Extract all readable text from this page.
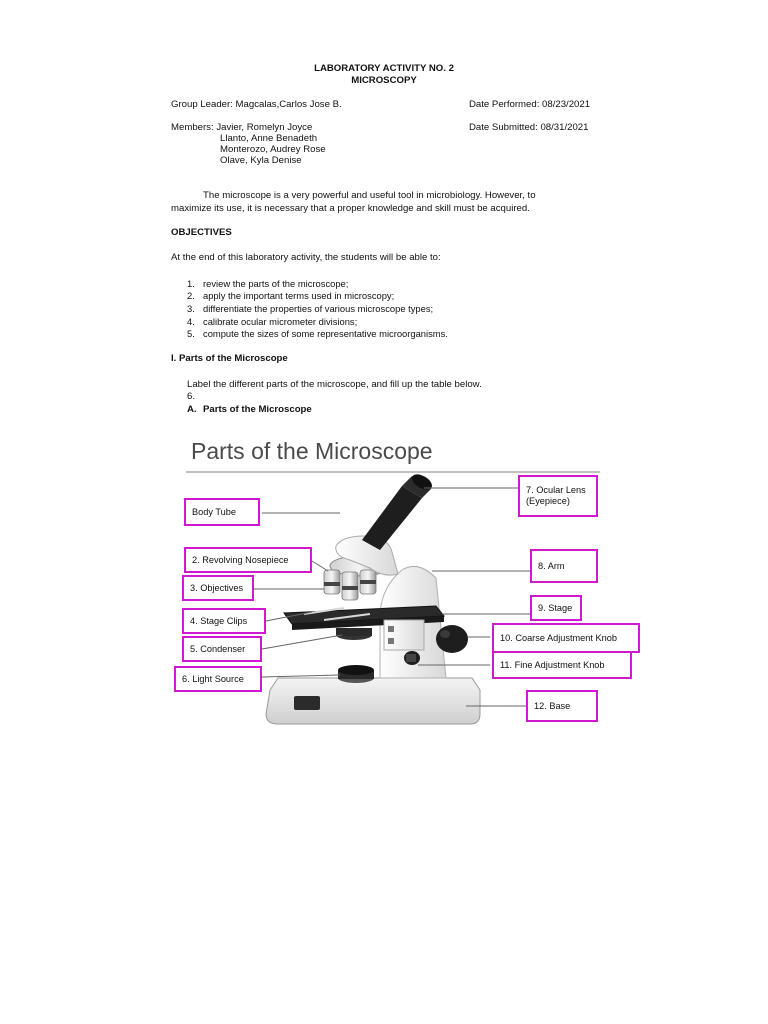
LABORATORY ACTIVITY NO. 2
MICROSCOPY
Group Leader: Magcalas,Carlos Jose B.	Date Performed: 08/23/2021
Members: Javier, Romelyn Joyce	Date Submitted: 08/31/2021
Llanto, Anne Benadeth
Monterozo, Audrey Rose
Olave, Kyla Denise
The microscope is a very powerful and useful tool in microbiology. However, to
maximize its use, it is necessary that a proper knowledge and skill must be acquired.
OBJECTIVES
At the end of this laboratory activity, the students will be able to:
1. review the parts of the microscope;
2. apply the important terms used in microscopy;
3. differentiate the properties of various microscope types;
4. calibrate ocular micrometer divisions;
5. compute the sizes of some representative microorganisms.
I. Parts of the Microscope
Label the different parts of the microscope, and fill up the table below.
6.
A. Parts of the Microscope
Parts of the Microscope
Body Tube
2. Revolving Nosepiece
3. Objectives
4. Stage Clips
5. Condenser
6. Light Source
7. Ocular Lens
(Eyepiece)
8. Arm
9. Stage
10. Coarse Adjustment Knob
11. Fine Adjustment Knob
12. Base
